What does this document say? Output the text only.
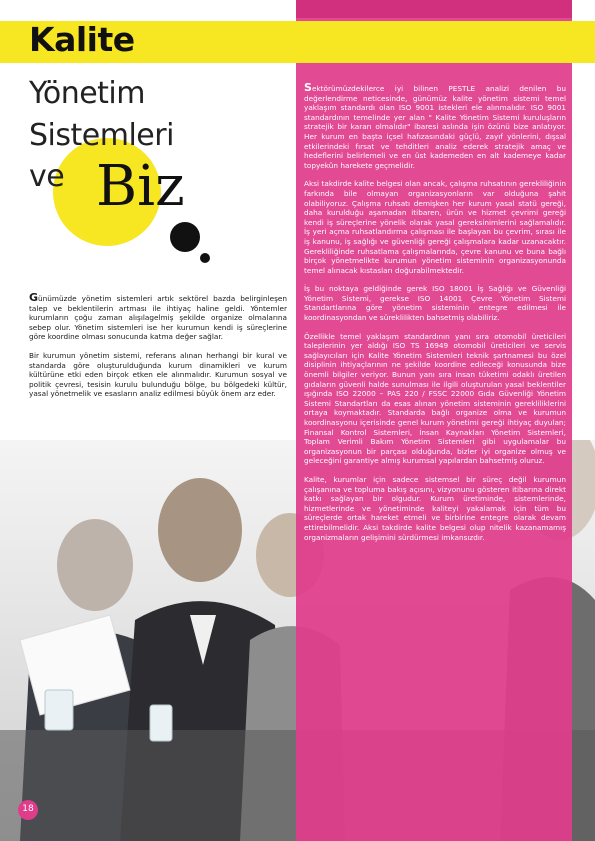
Kalite
Yönetim
Sistemleri
ve Biz

Günümüzde yönetim sistemleri artık sektörel bazda belirginleşen talep ve beklentilerin artması ile ihtiyaç haline geldi. Yöntemler kurumların çoğu zaman alışılagelmiş şekilde organize olmalarına sebep olur. Yönetim sistemleri ise her kurumun kendi iş süreçlerine göre koordine olması sonucunda katma değer sağlar.

Bir kurumun yönetim sistemi, referans alınan herhangi bir kural ve standarda göre oluşturulduğunda kurum dinamikleri ve kurum kültürüne etki eden birçok etken ele alınmalıdır. Kurumun sosyal ve politik çevresi, tesisin kurulu bulunduğu bölge, bu bölgedeki kültür, yasal yönetmelik ve esasların analiz edilmesi büyük önem arz eder.

Sektörümüzdekilerce iyi bilinen PESTLE analizi denilen bu değerlendirme neticesinde, günümüz kalite yönetim sistemi temel yaklaşım standardı olan ISO 9001 istekleri ele alınmalıdır. ISO 9001 standardının temelinde yer alan " Kalite Yönetim Sistemi kuruluşların stratejik bir kararı olmalıdır" ibaresi aslında işin özünü bize anlatıyor. Her kurum en başta içsel hafızasındaki güçlü, zayıf yönlerini, dışsal etkilerindeki fırsat ve tehditleri analiz ederek stratejik amaç ve hedeflerini belirlemeli ve en üst kademeden en alt kademeye kadar topyekûn harekete geçmelidir.

Aksi takdirde kalite belgesi olan ancak, çalışma ruhsatının gerekliliğinin farkında bile olmayan organizasyonların var olduğuna şahit olabiliyoruz. Çalışma ruhsatı demişken her kurum yasal statü gereği, daha kurulduğu aşamadan itibaren, ürün ve hizmet çevrimi gereği kendi iş süreçlerine yönelik olarak yasal gereksinimlerini sağlamalıdır. İş yeri açma ruhsatlandırma çalışması ile başlayan bu çevrim, sırası ile iş kanunu, iş sağlığı ve güvenliği gereği çalışmalara kadar uzanacaktır. Gerekliliğinde ruhsatlama çalışmalarında, çevre kanunu ve buna bağlı birçok yönetmelikte kurumun yönetim sisteminin organizasyonunda temel alınacak kıstasları doğurabilmektedir.

İş bu noktaya geldiğinde gerek ISO 18001 İş Sağlığı ve Güvenliği Yönetim Sistemi, gerekse ISO 14001 Çevre Yönetim Sistemi Standartlarına göre yönetim sisteminin entegre edilmesi ile koordinasyondan ve süreklilikten bahsetmiş olabiliriz.

Özellikle temel yaklaşım standardının yanı sıra otomobil üreticileri taleplerinin yer aldığı ISO TS 16949 otomobil üreticileri ve servis sağlayıcıları için Kalite Yönetim Sistemleri teknik şartnamesi bu özel disiplinin ihtiyaçlarının ne şekilde koordine edileceği konusunda bize önemli bilgiler veriyor. Bunun yanı sıra insan tüketimi odaklı üretilen gıdaların güvenli halde sunulması ile ilgili oluşturulan yasal beklentiler ışığında ISO 22000 – PAS 220 / FSSC 22000 Gıda Güvenliği Yönetim Sistemi Standartları da esas alınan yönetim sisteminin gerekliliklerini ortaya koymaktadır. Standarda bağlı organize olma ve kurumun koordinasyonu içerisinde genel kurum yönetimi gereği ihtiyaç duyulan; Finansal Kontrol Sistemleri, İnsan Kaynakları Yönetim Sistemleri, Toplam Verimli Bakım Yönetim Sistemleri gibi uygulamalar bu organizasyonun bir parçası olduğunda, bizler iyi organize olmuş ve geleceğini garantiye almış kurumsal yapılardan bahsetmiş oluruz.

Kalite, kurumlar için sadece sistemsel bir süreç değil kurumun çalışanına ve topluma bakış açısını, vizyonunu gösteren itibarına direkt katkı sağlayan bir olgudur. Kurum üretiminde, sistemlerinde, hizmetlerinde ve yönetiminde kaliteyi yakalamak için tüm bu süreçlerde ortak hareket etmeli ve birbirine entegre olarak devam ettirebilmelidir. Aksi takdirde kalite belgesi olup nitelik kazanamamış organizmaların gelişimini sürdürmesi imkansızdır.

18
